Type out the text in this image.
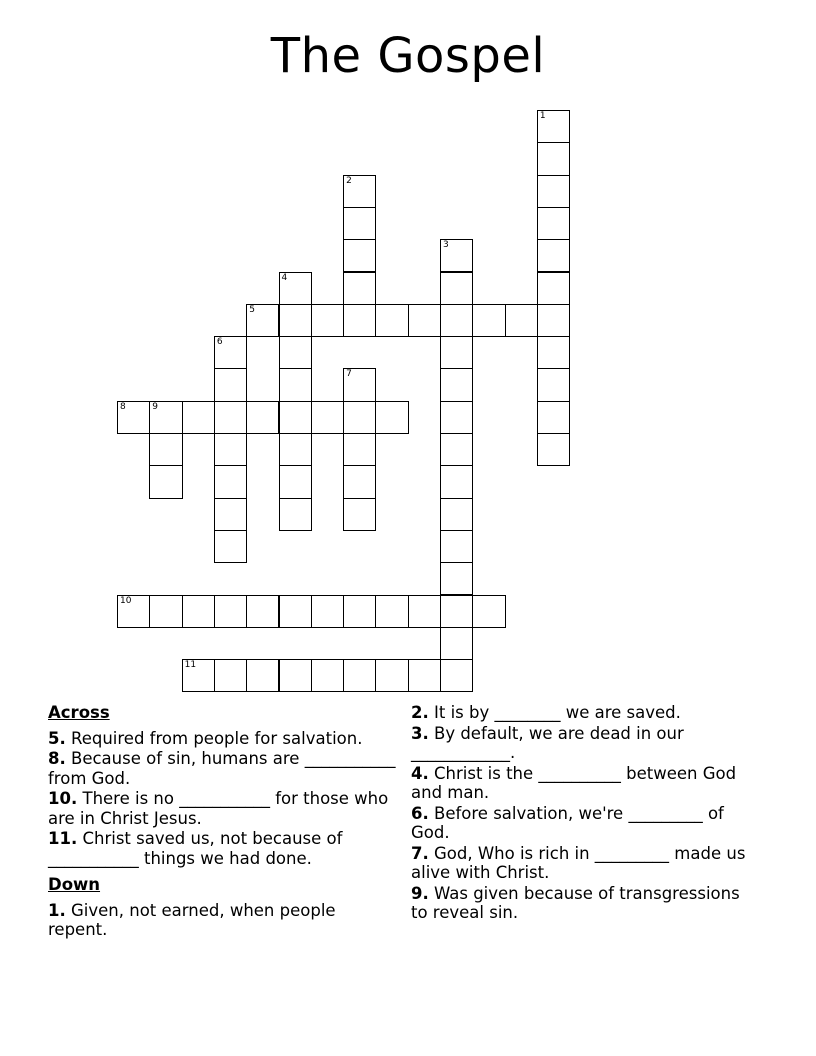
The Gospel
5
8	9
10
11
1
2
3
4
6
7
Across
5. Required from people for salvation.
8. Because of sin, humans are ___________ from God.
10. There is no ___________ for those who are in Christ Jesus.
11. Christ saved us, not because of ___________ things we had done.
Down
1. Given, not earned, when people repent.
2. It is by ________ we are saved.
3. By default, we are dead in our ____________.
4. Christ is the __________ between God and man.
6. Before salvation, we're _________ of God.
7. God, Who is rich in _________ made us alive with Christ.
9. Was given because of transgressions to reveal sin.
